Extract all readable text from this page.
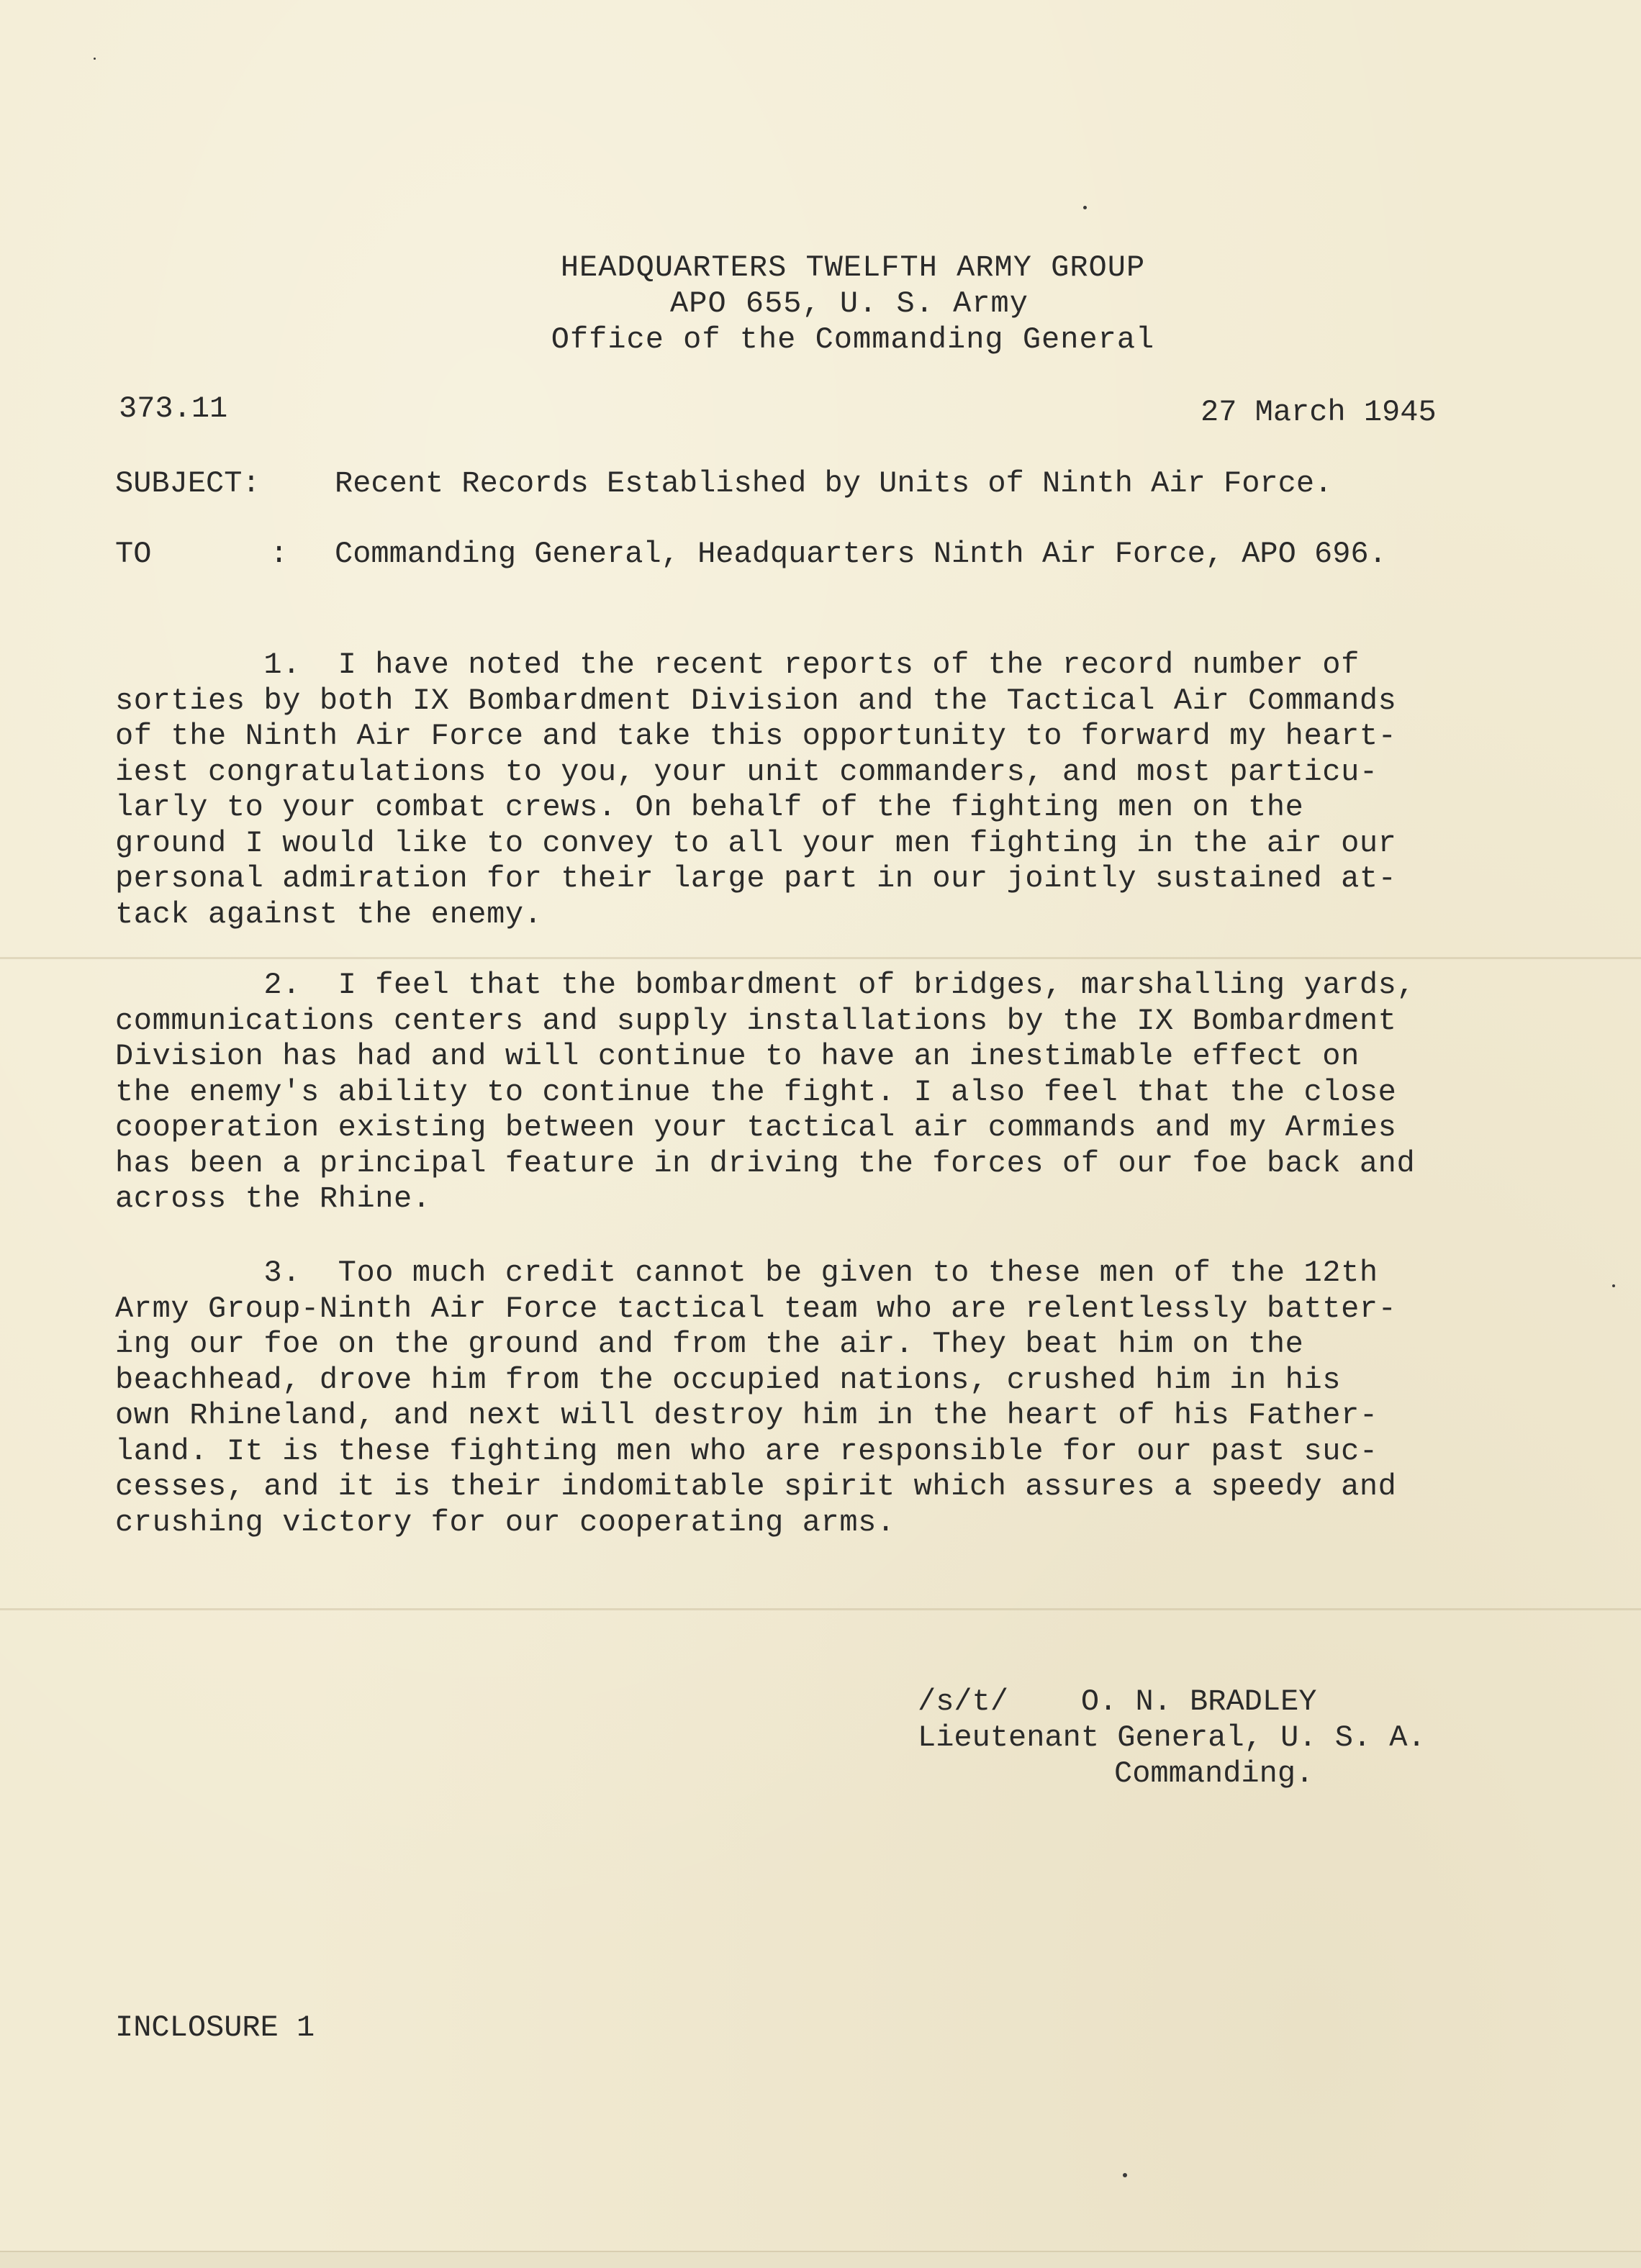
HEADQUARTERS TWELFTH ARMY GROUP
APO 655, U. S. Army
Office of the Commanding General
373.11	27 March 1945
SUBJECT: Recent Records Established by Units of Ninth Air Force.
TO	: Commanding General, Headquarters Ninth Air Force, APO 696.
1.  I have noted the recent reports of the record number of
sorties by both IX Bombardment Division and the Tactical Air Commands
of the Ninth Air Force and take this opportunity to forward my heart-
iest congratulations to you, your unit commanders, and most particu-
larly to your combat crews. On behalf of the fighting men on the
ground I would like to convey to all your men fighting in the air our
personal admiration for their large part in our jointly sustained at-
tack against the enemy.
2.  I feel that the bombardment of bridges, marshalling yards,
communications centers and supply installations by the IX Bombardment
Division has had and will continue to have an inestimable effect on
the enemy's ability to continue the fight. I also feel that the close
cooperation existing between your tactical air commands and my Armies
has been a principal feature in driving the forces of our foe back and
across the Rhine.
3.  Too much credit cannot be given to these men of the 12th
Army Group-Ninth Air Force tactical team who are relentlessly batter-
ing our foe on the ground and from the air. They beat him on the
beachhead, drove him from the occupied nations, crushed him in his
own Rhineland, and next will destroy him in the heart of his Father-
land. It is these fighting men who are responsible for our past suc-
cesses, and it is their indomitable spirit which assures a speedy and
crushing victory for our cooperating arms.
/s/t/    O. N. BRADLEY
Lieutenant General, U. S. A.
Commanding.
INCLOSURE 1
